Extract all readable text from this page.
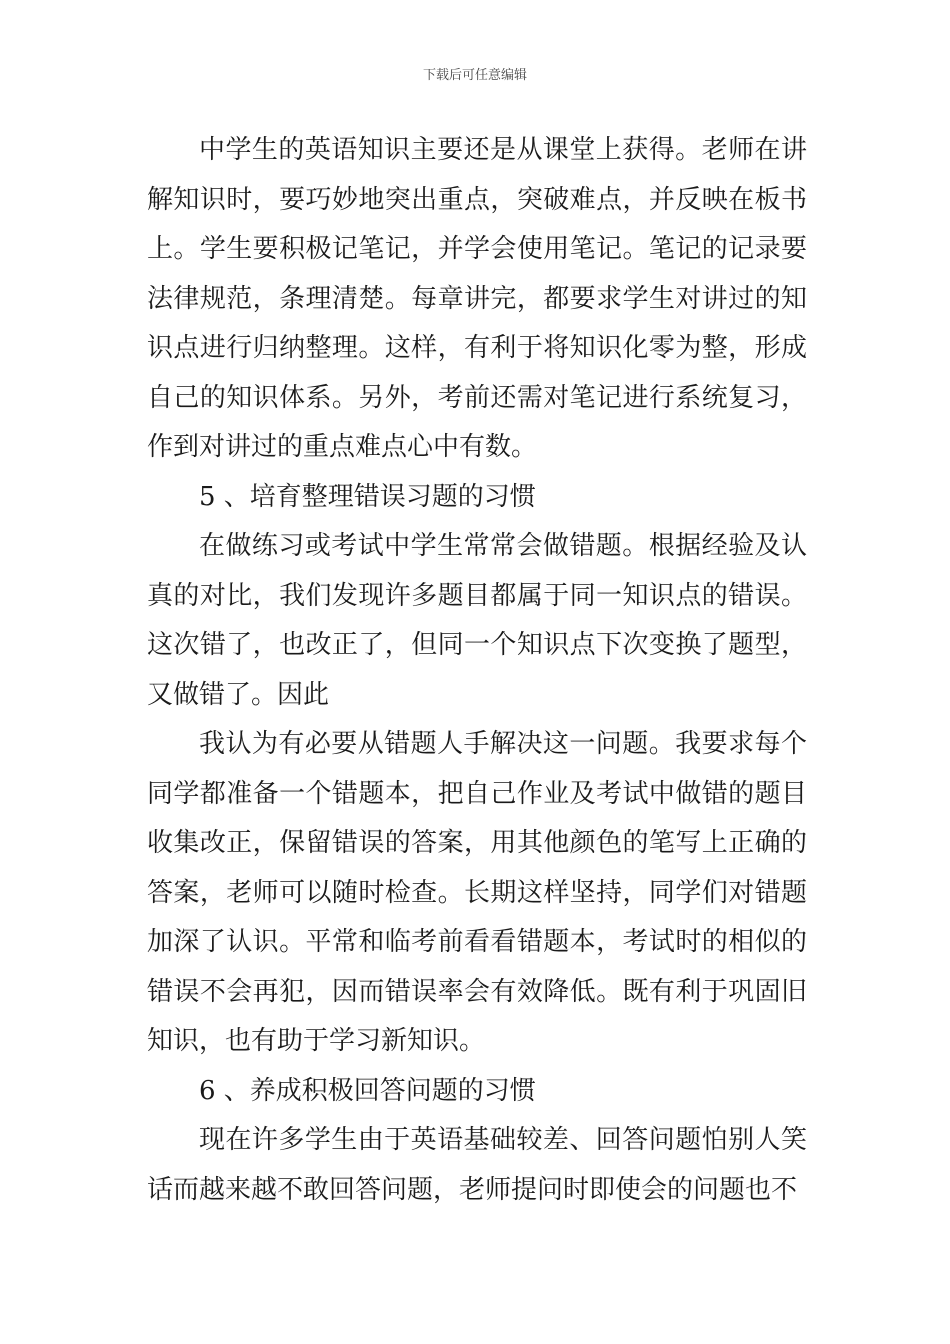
下载后可任意编辑

中学生的英语知识主要还是从课堂上获得。老师在讲解知识时，要巧妙地突出重点，突破难点，并反映在板书上。学生要积极记笔记，并学会使用笔记。笔记的记录要法律规范，条理清楚。每章讲完，都要求学生对讲过的知识点进行归纳整理。这样，有利于将知识化零为整，形成自己的知识体系。另外，考前还需对笔记进行系统复习，作到对讲过的重点难点心中有数。

5 、培育整理错误习题的习惯

在做练习或考试中学生常常会做错题。根据经验及认真的对比，我们发现许多题目都属于同一知识点的错误。这次错了，也改正了，但同一个知识点下次变换了题型，又做错了。因此

我认为有必要从错题人手解决这一问题。我要求每个同学都准备一个错题本，把自己作业及考试中做错的题目收集改正，保留错误的答案，用其他颜色的笔写上正确的答案，老师可以随时检查。长期这样坚持，同学们对错题加深了认识。平常和临考前看看错题本，考试时的相似的错误不会再犯，因而错误率会有效降低。既有利于巩固旧知识，也有助于学习新知识。

6 、养成积极回答问题的习惯

现在许多学生由于英语基础较差、回答问题怕别人笑话而越来越不敢回答问题，老师提问时即使会的问题也不
